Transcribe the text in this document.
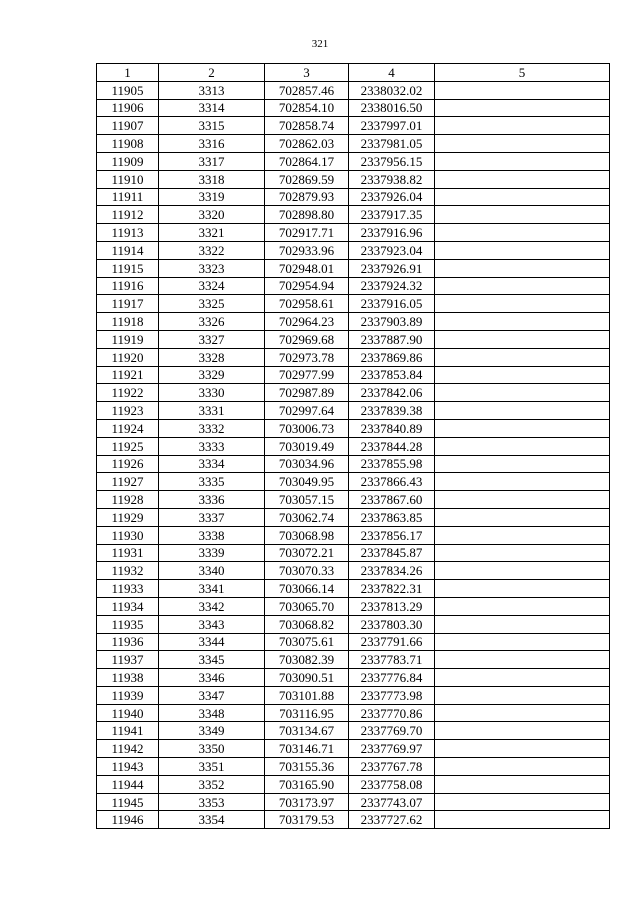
321
1	2	3	4	5
11905	3313	702857.46	2338032.02	
11906	3314	702854.10	2338016.50	
11907	3315	702858.74	2337997.01	
11908	3316	702862.03	2337981.05	
11909	3317	702864.17	2337956.15	
11910	3318	702869.59	2337938.82	
11911	3319	702879.93	2337926.04	
11912	3320	702898.80	2337917.35	
11913	3321	702917.71	2337916.96	
11914	3322	702933.96	2337923.04	
11915	3323	702948.01	2337926.91	
11916	3324	702954.94	2337924.32	
11917	3325	702958.61	2337916.05	
11918	3326	702964.23	2337903.89	
11919	3327	702969.68	2337887.90	
11920	3328	702973.78	2337869.86	
11921	3329	702977.99	2337853.84	
11922	3330	702987.89	2337842.06	
11923	3331	702997.64	2337839.38	
11924	3332	703006.73	2337840.89	
11925	3333	703019.49	2337844.28	
11926	3334	703034.96	2337855.98	
11927	3335	703049.95	2337866.43	
11928	3336	703057.15	2337867.60	
11929	3337	703062.74	2337863.85	
11930	3338	703068.98	2337856.17	
11931	3339	703072.21	2337845.87	
11932	3340	703070.33	2337834.26	
11933	3341	703066.14	2337822.31	
11934	3342	703065.70	2337813.29	
11935	3343	703068.82	2337803.30	
11936	3344	703075.61	2337791.66	
11937	3345	703082.39	2337783.71	
11938	3346	703090.51	2337776.84	
11939	3347	703101.88	2337773.98	
11940	3348	703116.95	2337770.86	
11941	3349	703134.67	2337769.70	
11942	3350	703146.71	2337769.97	
11943	3351	703155.36	2337767.78	
11944	3352	703165.90	2337758.08	
11945	3353	703173.97	2337743.07	
11946	3354	703179.53	2337727.62	
